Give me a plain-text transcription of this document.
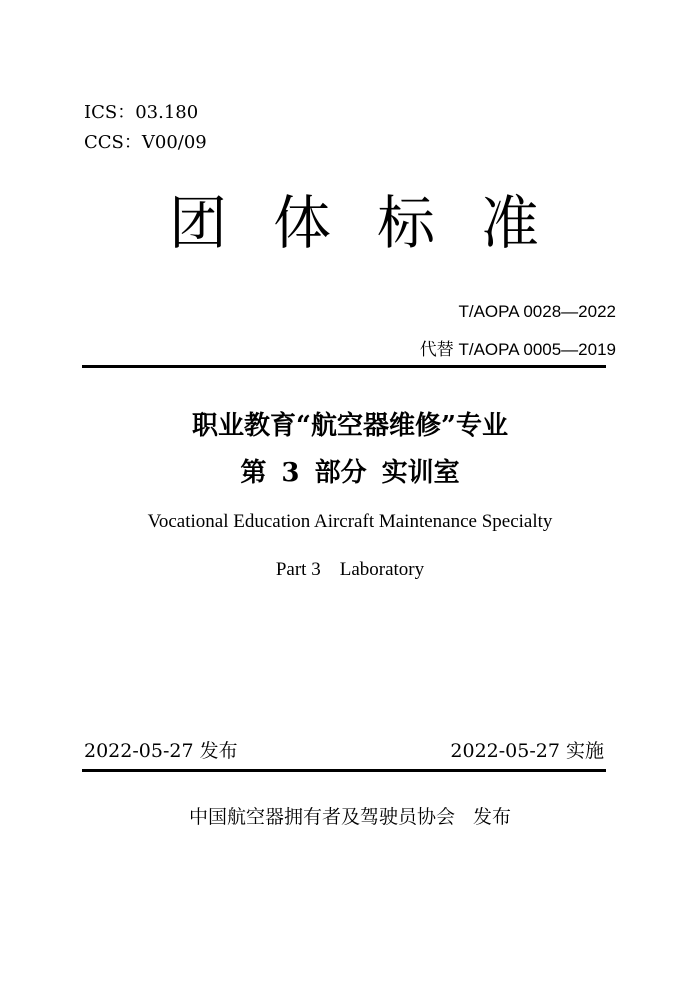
ICS：03.180
CCS：V00/09
团体标准
T/AOPA 0028—2022
代替 T/AOPA 0005—2019
职业教育“航空器维修”专业
第 3 部分 实训室
Vocational Education Aircraft Maintenance Specialty
Part 3    Laboratory
2022-05-27 发布	2022-05-27 实施
中国航空器拥有者及驾驶员协会   发布
